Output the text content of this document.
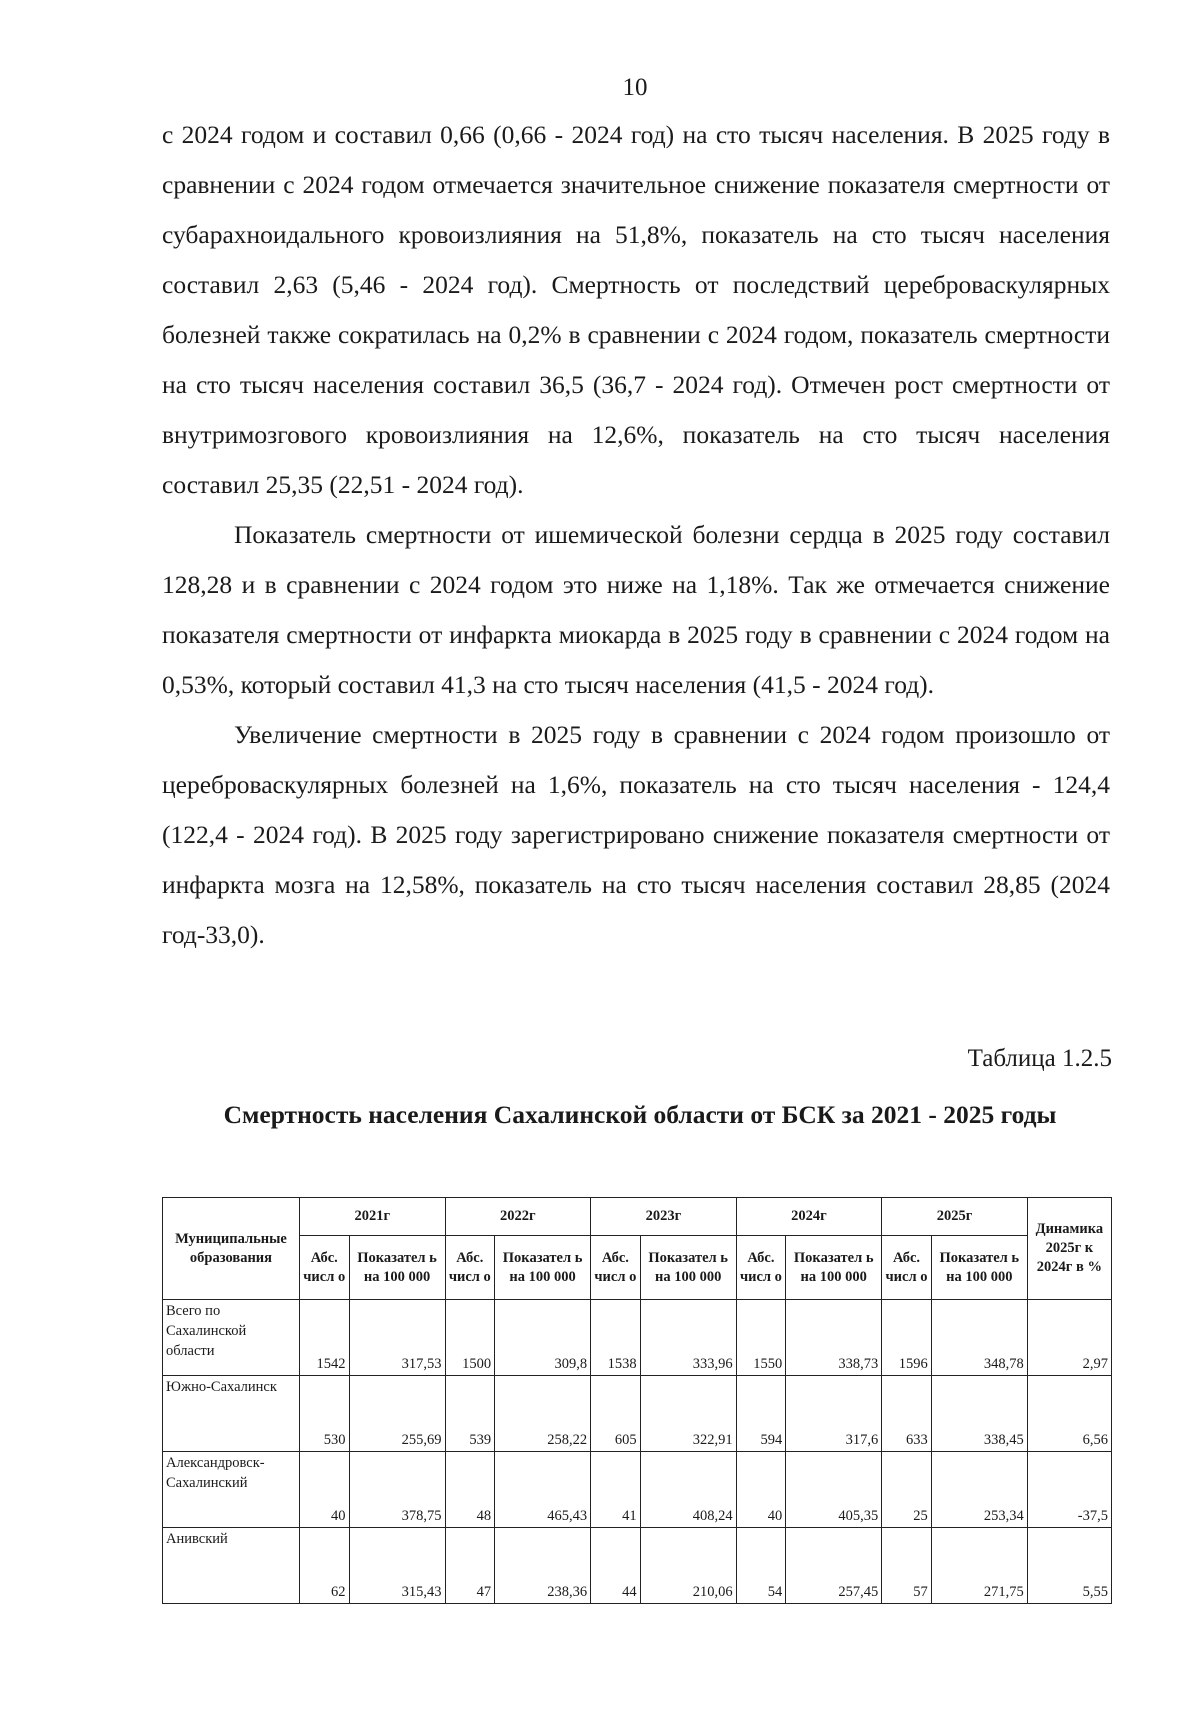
10

с 2024 годом и составил 0,66 (0,66 - 2024 год) на сто тысяч населения. В 2025 году в сравнении с 2024 годом отмечается значительное снижение показателя смертности от субарахноидального кровоизлияния на 51,8%, показатель на сто тысяч населения составил 2,63 (5,46 - 2024 год). Смертность от последствий цереброваскулярных болезней также сократилась на 0,2% в сравнении с 2024 годом, показатель смертности на сто тысяч населения составил 36,5 (36,7 - 2024 год). Отмечен рост смертности от внутримозгового кровоизлияния на 12,6%, показатель на сто тысяч населения составил 25,35 (22,51 - 2024 год).

Показатель смертности от ишемической болезни сердца в 2025 году составил 128,28 и в сравнении с 2024 годом это ниже на 1,18%. Так же отмечается снижение показателя смертности от инфаркта миокарда в 2025 году в сравнении с 2024 годом на 0,53%, который составил 41,3 на сто тысяч населения (41,5 - 2024 год).

Увеличение смертности в 2025 году в сравнении с 2024 годом произошло от цереброваскулярных болезней на 1,6%, показатель на сто тысяч населения - 124,4 (122,4 - 2024 год). В 2025 году зарегистрировано снижение показателя смертности от инфаркта мозга на 12,58%, показатель на сто тысяч населения составил 28,85 (2024 год-33,0).

Таблица 1.2.5
Смертность населения Сахалинской области от БСК за 2021 - 2025 годы
Муниципальные образования	2021г		2022г		2023г		2024г		2025г		Динамика 2025г к 2024г в %
	Абс. числ о	Показател ь на 100 000	Абс. числ о	Показател ь на 100 000	Абс. числ о	Показател ь на 100 000	Абс. числ о	Показател ь на 100 000	Абс. числ о	Показател ь на 100 000	
Всего по Сахалинской области	1542	317,53	1500	309,8	1538	333,96	1550	338,73	1596	348,78	2,97
Южно-Сахалинск	530	255,69	539	258,22	605	322,91	594	317,6	633	338,45	6,56
Александровск-Сахалинский	40	378,75	48	465,43	41	408,24	40	405,35	25	253,34	-37,5
Анивский	62	315,43	47	238,36	44	210,06	54	257,45	57	271,75	5,55
